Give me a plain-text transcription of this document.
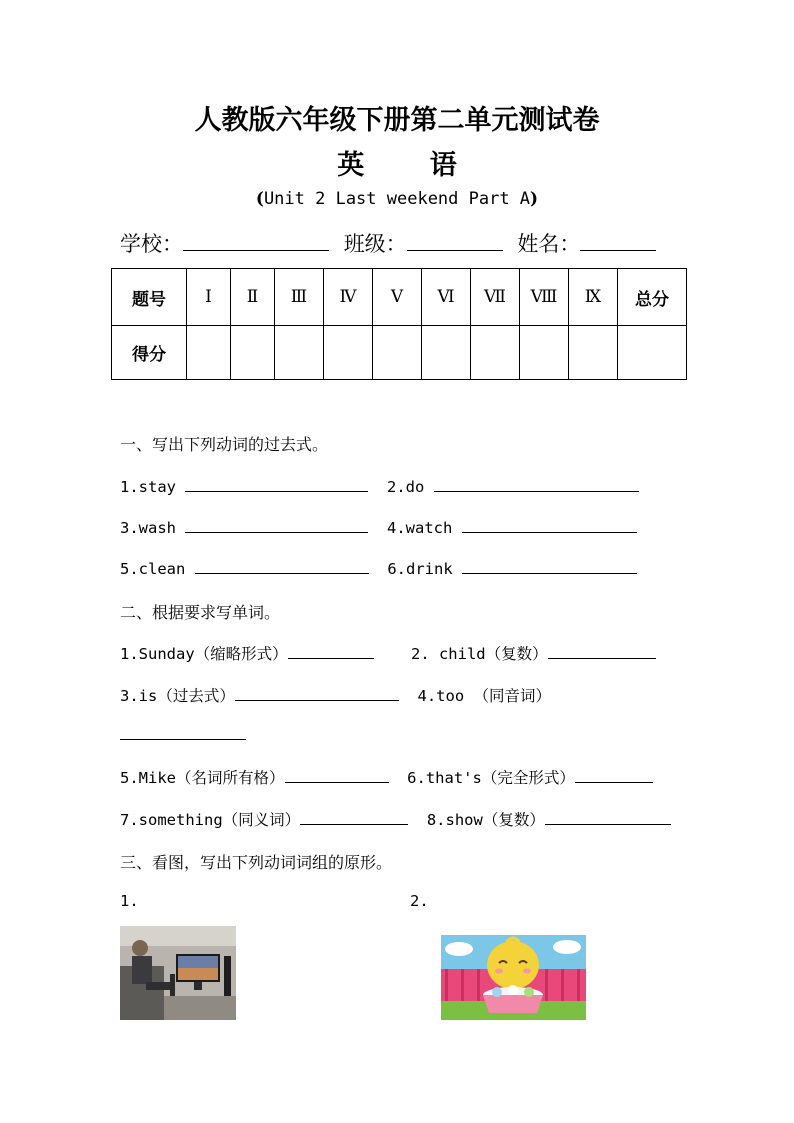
人教版六年级下册第二单元测试卷
英 语
(Unit 2 Last weekend Part A)
学校：	班级：	姓名：
题号	Ⅰ	Ⅱ	Ⅲ	Ⅳ	Ⅴ	Ⅵ	Ⅶ	Ⅷ	Ⅸ	总分
得分										
一、写出下列动词的过去式。
1.stay	2.do
3.wash	4.watch
5.clean	6.drink
二、根据要求写单词。
1.Sunday（缩略形式）	2. child（复数）
3.is（过去式）	4.too （同音词）
5.Mike（名词所有格）	6.that's（完全形式）
7.something（同义词）	8.show（复数）
三、看图，写出下列动词词组的原形。
1.	2.
